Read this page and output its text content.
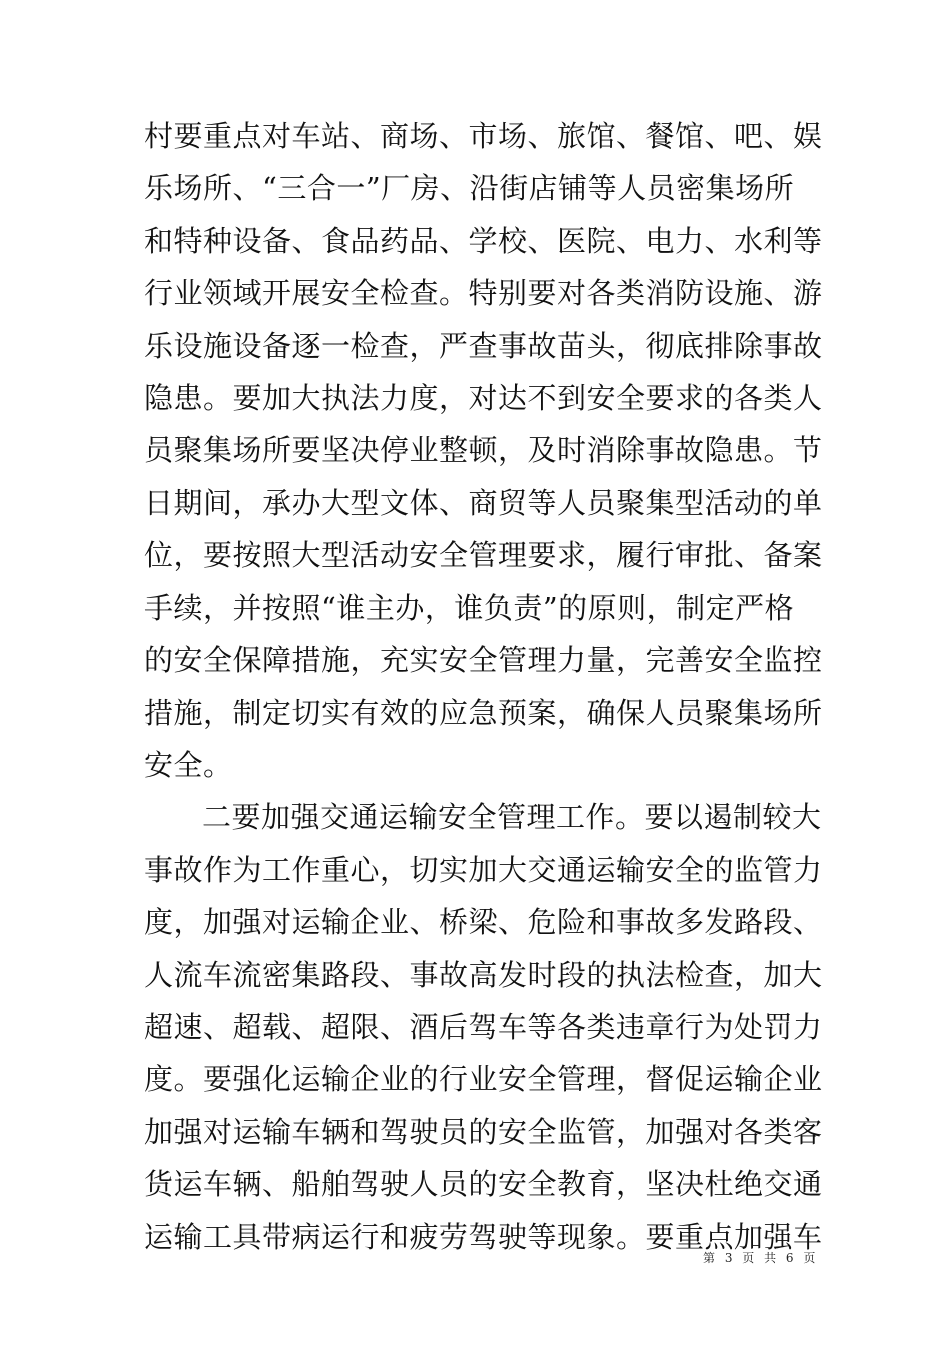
村要重点对车站、商场、市场、旅馆、餐馆、吧、娱
乐场所、“三合一”厂房、沿街店铺等人员密集场所
和特种设备、食品药品、学校、医院、电力、水利等
行业领域开展安全检查。特别要对各类消防设施、游
乐设施设备逐一检查，严查事故苗头，彻底排除事故
隐患。要加大执法力度，对达不到安全要求的各类人
员聚集场所要坚决停业整顿，及时消除事故隐患。节
日期间，承办大型文体、商贸等人员聚集型活动的单
位，要按照大型活动安全管理要求，履行审批、备案
手续，并按照“谁主办，谁负责”的原则，制定严格
的安全保障措施，充实安全管理力量，完善安全监控
措施，制定切实有效的应急预案，确保人员聚集场所
安全。
二要加强交通运输安全管理工作。要以遏制较大
事故作为工作重心，切实加大交通运输安全的监管力
度，加强对运输企业、桥梁、危险和事故多发路段、
人流车流密集路段、事故高发时段的执法检查，加大
超速、超载、超限、酒后驾车等各类违章行为处罚力
度。要强化运输企业的行业安全管理，督促运输企业
加强对运输车辆和驾驶员的安全监管，加强对各类客
货运车辆、船舶驾驶人员的安全教育，坚决杜绝交通
运输工具带病运行和疲劳驾驶等现象。要重点加强车
第 3 页 共 6 页
